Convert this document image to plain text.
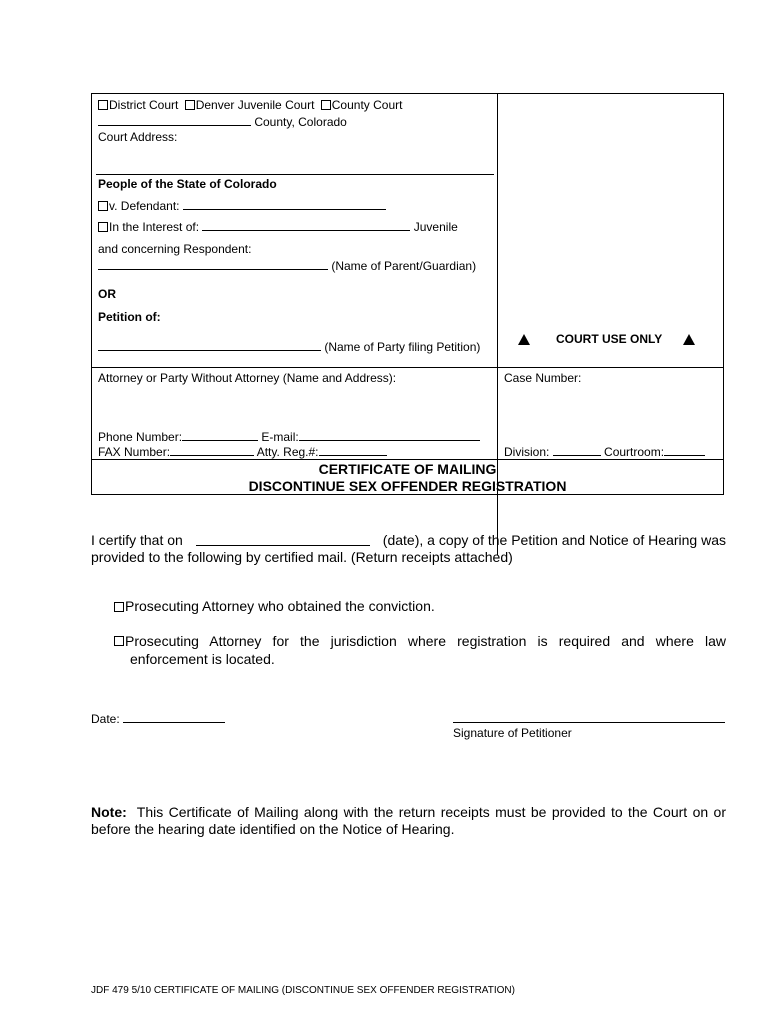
District Court Denver Juvenile Court County Court
County, Colorado
Court Address:
People of the State of Colorado
v. Defendant:
In the Interest of:	Juvenile
and concerning Respondent:
(Name of Parent/Guardian)
OR
Petition of:
(Name of Party filing Petition)
COURT USE ONLY
Attorney or Party Without Attorney (Name and Address):	Case Number:
Phone Number:	E-mail:
FAX Number:	Atty. Reg.#:	Division:	Courtroom:
CERTIFICATE OF MAILING
DISCONTINUE SEX OFFENDER REGISTRATION
I certify that on	(date), a copy of the Petition and Notice of Hearing was
provided to the following by certified mail. (Return receipts attached)
Prosecuting Attorney who obtained the conviction.
Prosecuting Attorney for the jurisdiction where registration is required and where law
enforcement is located.
Date:
Signature of Petitioner
Note: This Certificate of Mailing along with the return receipts must be provided to the Court on or
before the hearing date identified on the Notice of Hearing.
JDF 479 5/10 CERTIFICATE OF MAILING (DISCONTINUE SEX OFFENDER REGISTRATION)
